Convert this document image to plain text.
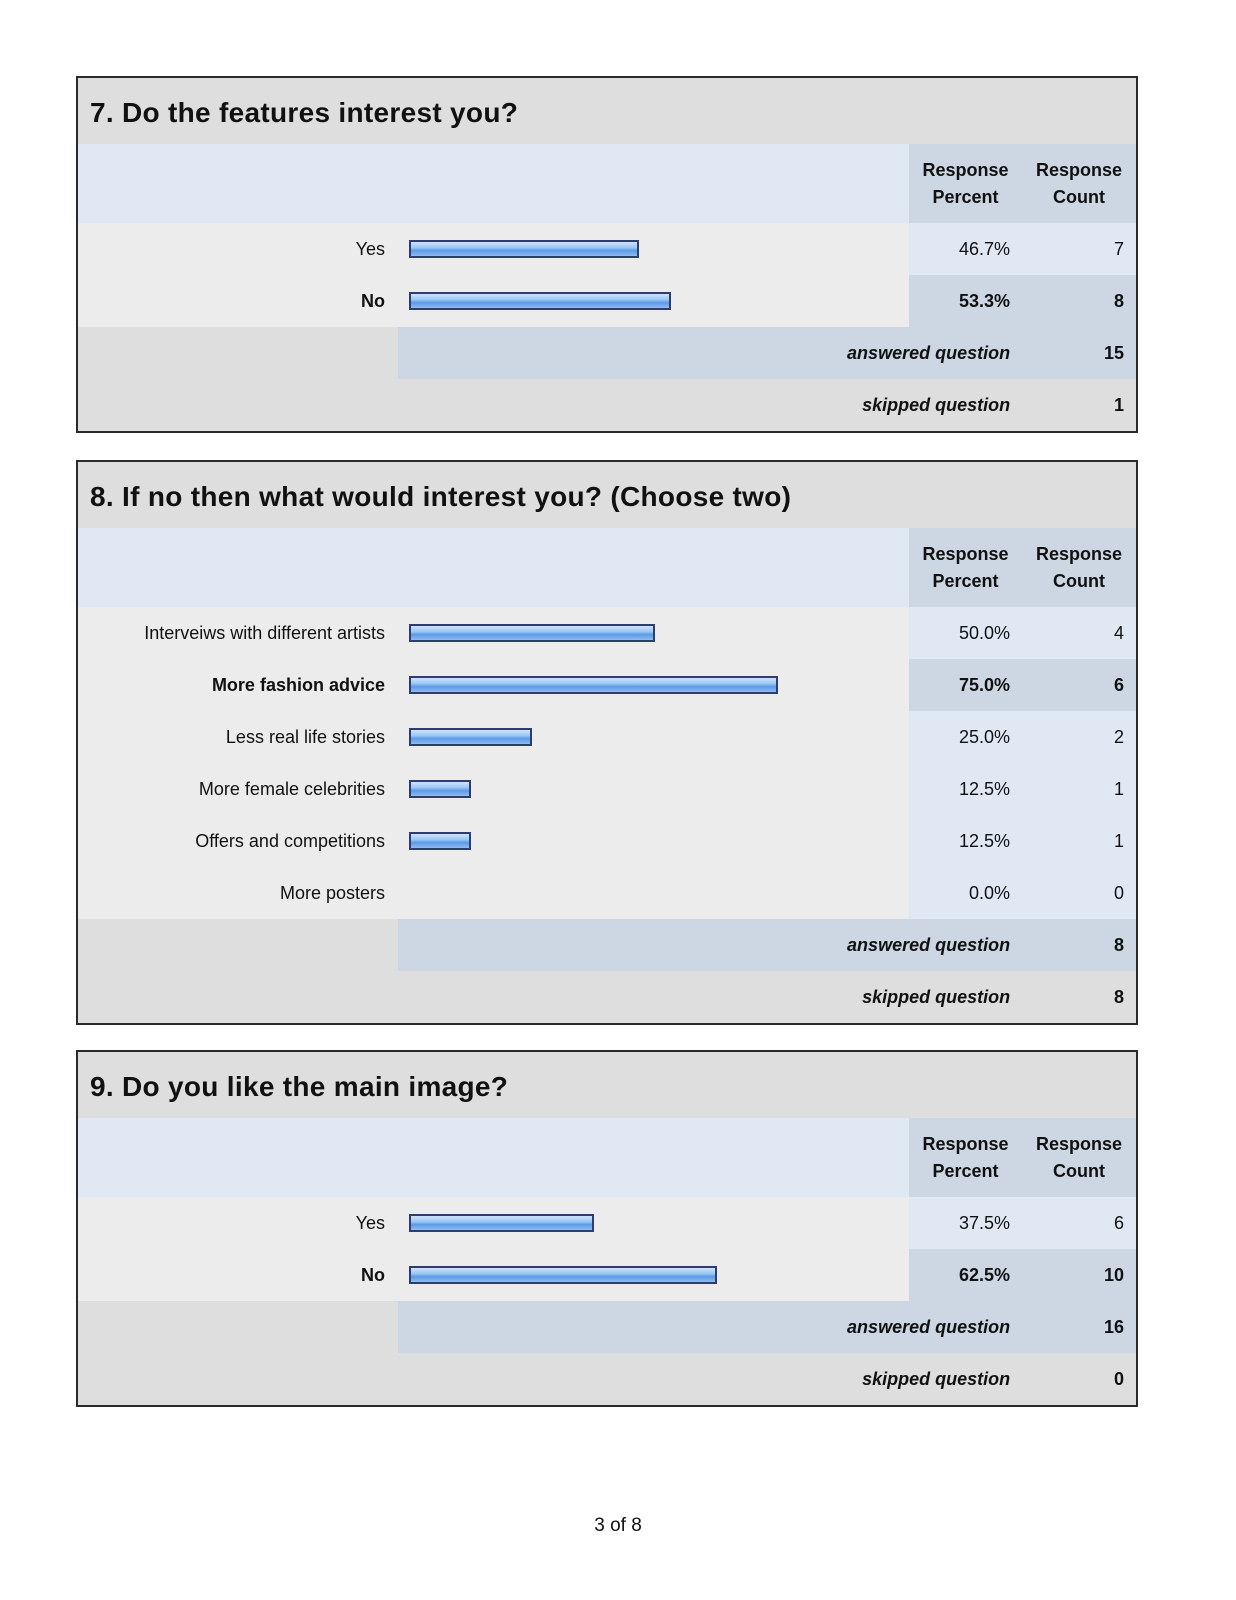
7. Do the features interest you?
Response
Percent
Response
Count
Yes	46.7%	7
No	53.3%	8
answered question	15
skipped question	1
8. If no then what would interest you? (Choose two)
Response
Percent
Response
Count
Interveiws with different artists	50.0%	4
More fashion advice	75.0%	6
Less real life stories	25.0%	2
More female celebrities	12.5%	1
Offers and competitions	12.5%	1
More posters	0.0%	0
answered question	8
skipped question	8
9. Do you like the main image?
Response
Percent
Response
Count
Yes	37.5%	6
No	62.5%	10
answered question	16
skipped question	0
3 of 8
